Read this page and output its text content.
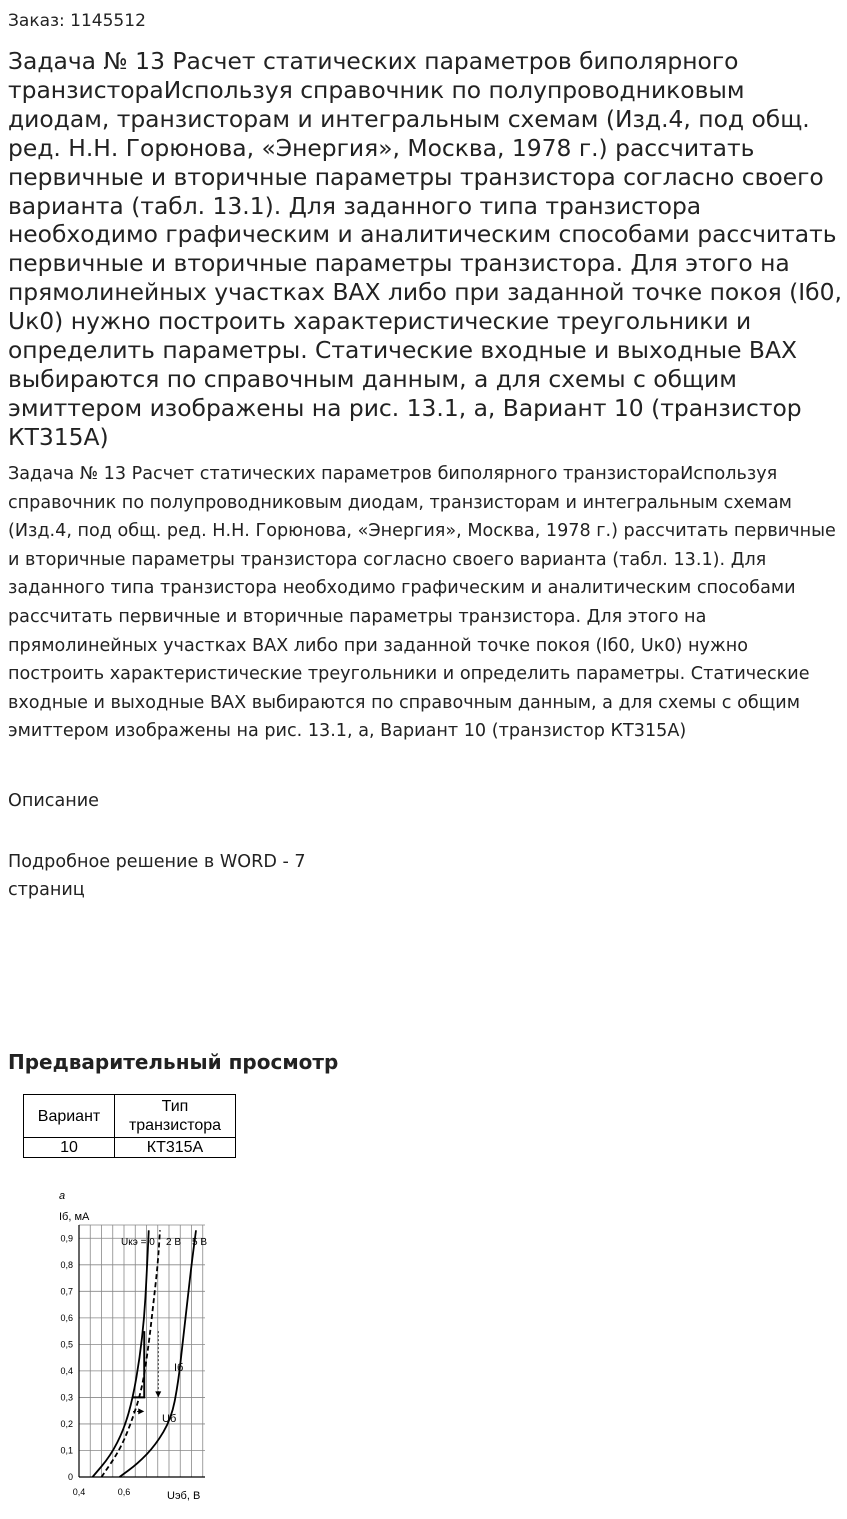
Заказ: 1145512
Задача № 13 Расчет статических параметров биполярного транзистораИспользуя справочник по полупроводниковым диодам, транзисторам и интегральным схемам (Изд.4, под общ. ред. Н.Н. Горюнова, «Энергия», Москва, 1978 г.) рассчитать первичные и вторичные параметры транзистора согласно своего варианта (табл. 13.1). Для заданного типа транзистора необходимо графическим и аналитическим способами рассчитать первичные и вторичные параметры транзистора. Для этого на прямолинейных участках ВАХ либо при заданной точке покоя (Iб0, Uк0) нужно построить характеристические треугольники и определить параметры. Статические входные и выходные ВАХ выбираются по справочным данным, а для схемы с общим эмиттером изображены на рис. 13.1, а, Вариант 10 (транзистор КТ315А)

Задача № 13 Расчет статических параметров биполярного транзистораИспользуя справочник по полупроводниковым диодам, транзисторам и интегральным схемам (Изд.4, под общ. ред. Н.Н. Горюнова, «Энергия», Москва, 1978 г.) рассчитать первичные и вторичные параметры транзистора согласно своего варианта (табл. 13.1). Для заданного типа транзистора необходимо графическим и аналитическим способами рассчитать первичные и вторичные параметры транзистора. Для этого на прямолинейных участках ВАХ либо при заданной точке покоя (Iб0, Uк0) нужно построить характеристические треугольники и определить параметры. Статические входные и выходные ВАХ выбираются по справочным данным, а для схемы с общим эмиттером изображены на рис. 13.1, а, Вариант 10 (транзистор КТ315А)

Описание
Подробное решение в WORD - 7 страниц
Предварительный просмотр
Вариант	Тип транзистора
10	КТ315А
0
0,1
0,2
0,3
0,4
0,5
0,6
0,7
0,8
0,9
0,4	0,6
а
Iб, мА
Uэб, В
Uкэ = 0 2 В 5 В
Iб
Uб
